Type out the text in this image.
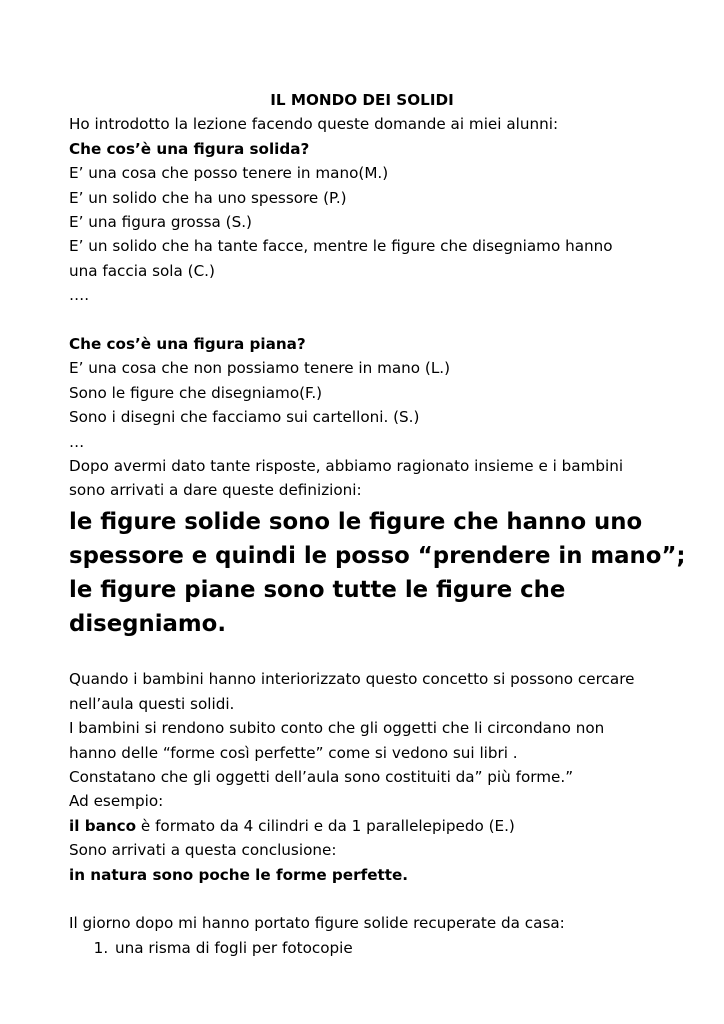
IL MONDO DEI SOLIDI

Ho introdotto la lezione facendo queste domande ai miei alunni:

Che cos’è una figura solida?

E’ una cosa che posso tenere in mano(M.)

E’ un solido che ha uno spessore (P.)

E’ una figura grossa (S.)

E’ un solido che ha tante facce, mentre le figure che disegniamo hanno

una faccia sola (C.)

….

Che cos’è una figura piana?

E’ una cosa che non possiamo tenere in mano (L.)

Sono le figure che disegniamo(F.)

Sono i disegni che facciamo sui cartelloni. (S.)

…

Dopo avermi dato tante risposte, abbiamo ragionato insieme e i bambini

sono arrivati a dare queste definizioni:

le figure solide sono le figure che hanno uno

spessore e quindi le posso “prendere in mano”;

le figure piane sono tutte le figure che

disegniamo.

Quando i bambini hanno interiorizzato questo concetto si possono cercare

nell’aula questi solidi.

I bambini si rendono subito conto che gli oggetti che li circondano non

hanno delle “forme così perfette” come si vedono sui libri .

Constatano che gli oggetti dell’aula sono costituiti da” più forme.”

Ad esempio:

il banco è formato da 4 cilindri e da 1 parallelepipedo (E.)

Sono arrivati a questa conclusione:

in natura sono poche le forme perfette.

Il giorno dopo mi hanno portato figure solide recuperate da casa:

1. una risma di fogli per fotocopie
